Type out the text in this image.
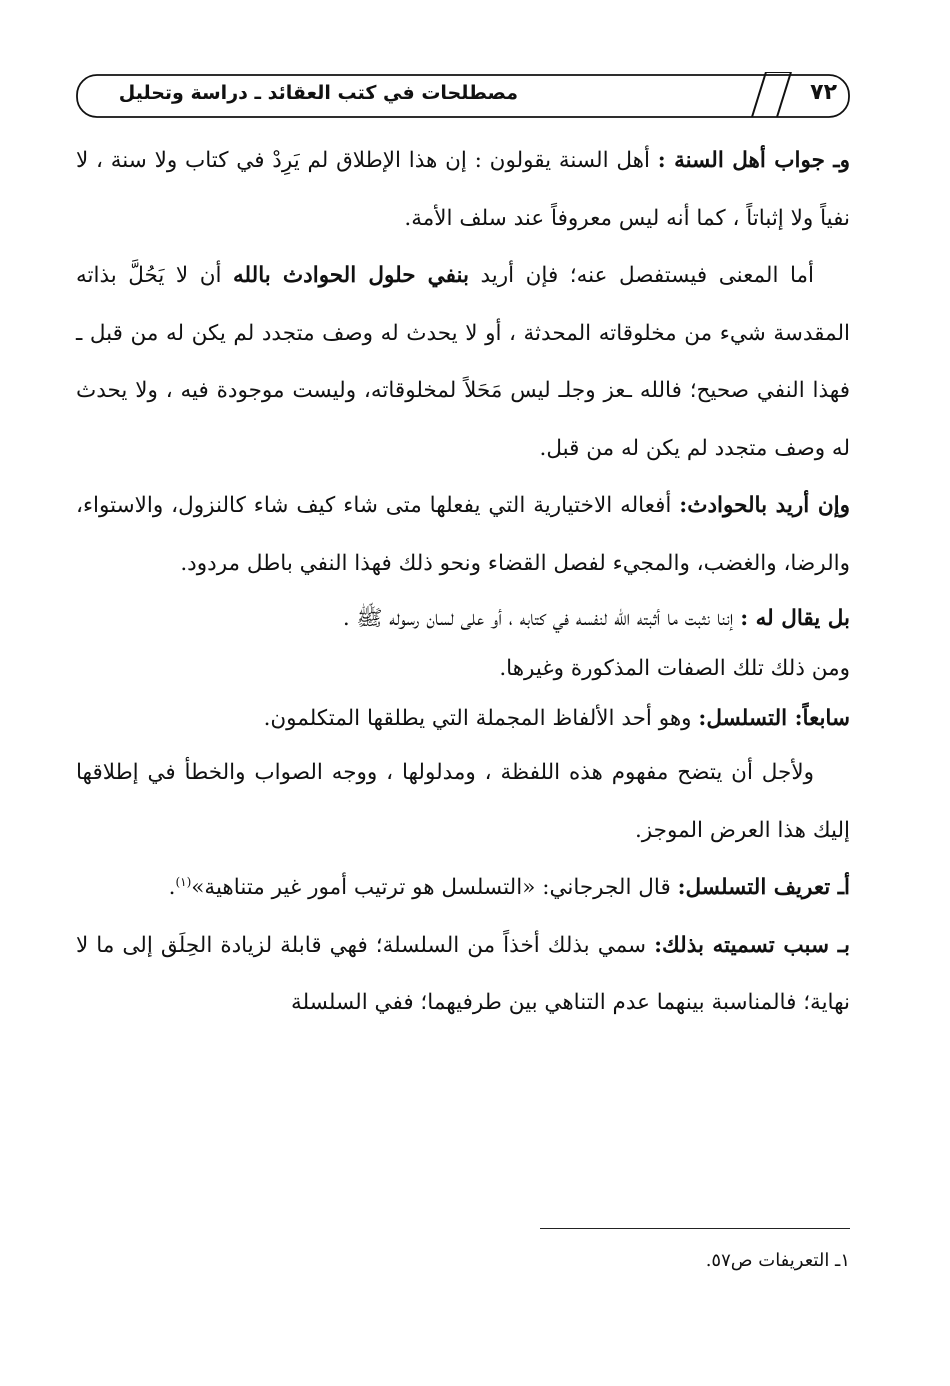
مصطلحات في كتب العقائد ـ دراسة وتحليل	٧٢

وـ جواب أهل السنة : أهل السنة يقولون : إن هذا الإطلاق لم يَرِدْ في كتاب ولا سنة ، لا نفياً ولا إثباتاً ، كما أنه ليس معروفاً عند سلف الأمة.

أما المعنى فيستفصل عنه؛ فإن أريد بنفي حلول الحوادث بالله أن لا يَحُلَّ بذاته المقدسة شيء من مخلوقاته المحدثة ، أو لا يحدث له وصف متجدد لم يكن له من قبل ـ فهذا النفي صحيح؛ فالله ـعز وجلـ ليس مَحَلاً لمخلوقاته، وليست موجودة فيه ، ولا يحدث له وصف متجدد لم يكن له من قبل.

وإن أريد بالحوادث: أفعاله الاختيارية التي يفعلها متى شاء كيف شاء كالنزول، والاستواء، والرضا، والغضب، والمجيء لفصل القضاء ونحو ذلك فهذا النفي باطل مردود.

بل يقال له : إننا نثبت ما أثبته الله لنفسه في كتابه ، أو على لسان رسوله ﷺ .

ومن ذلك تلك الصفات المذكورة وغيرها.

سابعاً: التسلسل: وهو أحد الألفاظ المجملة التي يطلقها المتكلمون.

ولأجل أن يتضح مفهوم هذه اللفظة ، ومدلولها ، ووجه الصواب والخطأ في إطلاقها إليك هذا العرض الموجز.

أـ تعريف التسلسل: قال الجرجاني: «التسلسل هو ترتيب أمور غير متناهية»$^{(١)}$.

بـ سبب تسميته بذلك: سمي بذلك أخذاً من السلسلة؛ فهي قابلة لزيادة الحِلَق إلى ما لا نهاية؛ فالمناسبة بينهما عدم التناهي بين طرفيهما؛ ففي السلسلة

١ـ التعريفات ص٥٧.
